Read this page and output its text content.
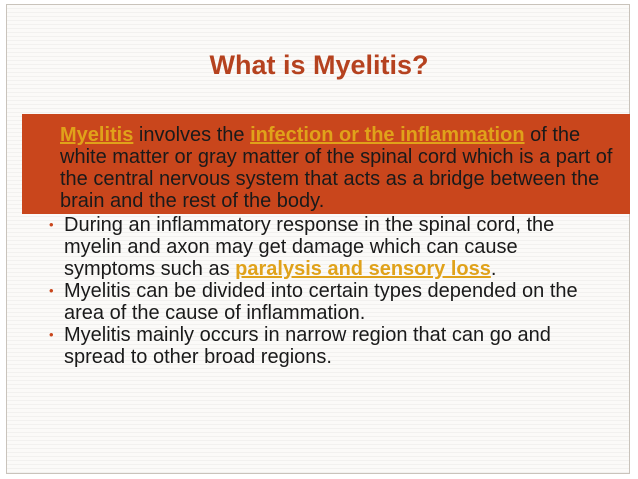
What is Myelitis?

Myelitis involves the infection or the inflammation of the white matter or gray matter of the spinal cord which is a part of the central nervous system that acts as a bridge between the brain and the rest of the body.

• During an inflammatory response in the spinal cord, the myelin and axon may get damage which can cause symptoms such as paralysis and sensory loss.
• Myelitis can be divided into certain types depended on the area of the cause of inflammation.
• Myelitis mainly occurs in narrow region that can go and spread to other broad regions.
